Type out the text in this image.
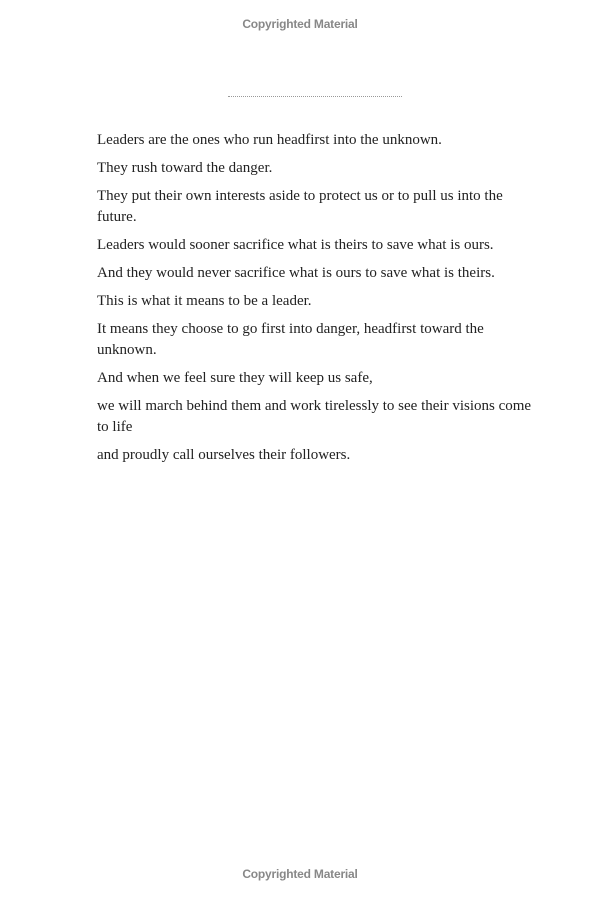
Copyrighted Material

Leaders are the ones who run headfirst into the unknown.

They rush toward the danger.

They put their own interests aside to protect us or to pull us into the future.

Leaders would sooner sacrifice what is theirs to save what is ours.

And they would never sacrifice what is ours to save what is theirs.

This is what it means to be a leader.

It means they choose to go first into danger, headfirst toward the unknown.

And when we feel sure they will keep us safe,

we will march behind them and work tirelessly to see their visions come to life

and proudly call ourselves their followers.

Copyrighted Material
